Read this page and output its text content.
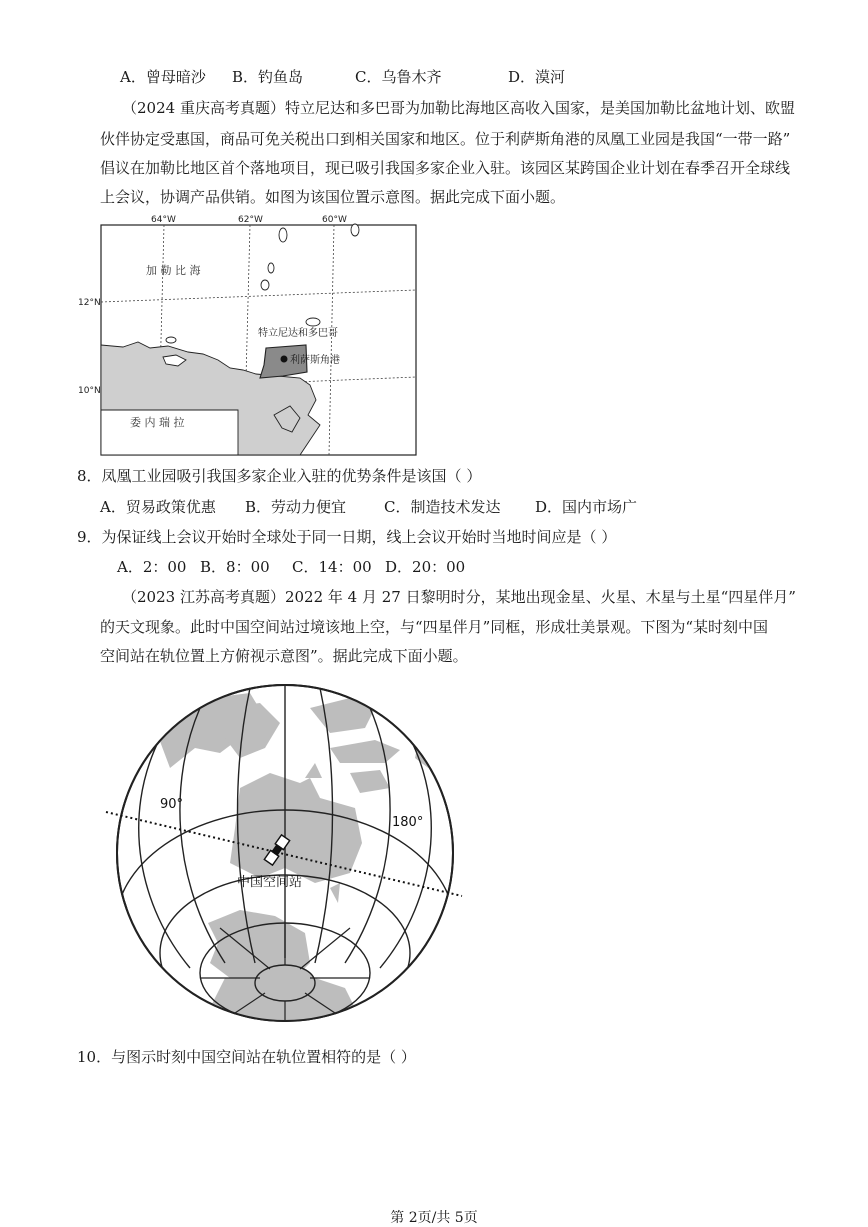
A．曾母暗沙 B．钓鱼岛	C．乌鲁木齐	D．漠河
（2024 重庆高考真题）特立尼达和多巴哥为加勒比海地区高收入国家，是美国加勒比盆地计划、欧盟
伙伴协定受惠国，商品可免关税出口到相关国家和地区。位于利萨斯角港的凤凰工业园是我国“一带一路”
倡议在加勒比地区首个落地项目，现已吸引我国多家企业入驻。该园区某跨国企业计划在春季召开全球线
上会议，协调产品供销。如图为该国位置示意图。据此完成下面小题。
64°W	62°W	60°W
12°N
10°N
加 勒 比 海
特立尼达和多巴哥
利萨斯角港
委 内 瑞 拉
8．凤凰工业园吸引我国多家企业入驻的优势条件是该国（ ）
A．贸易政策优惠 B．劳动力便宜	C．制造技术发达 D．国内市场广
9．为保证线上会议开始时全球处于同一日期，线上会议开始时当地时间应是（ ）
A．2：00 B．8：00 C．14：00 D．20：00
（2023 江苏高考真题）2022 年 4 月 27 日黎明时分，某地出现金星、火星、木星与土星“四星伴月”
的天文现象。此时中国空间站过境该地上空，与“四星伴月”同框，形成壮美景观。下图为“某时刻中国
空间站在轨位置上方俯视示意图”。据此完成下面小题。
90°
180°
中国空间站
10．与图示时刻中国空间站在轨位置相符的是（ ）
第 2页/共 5页
